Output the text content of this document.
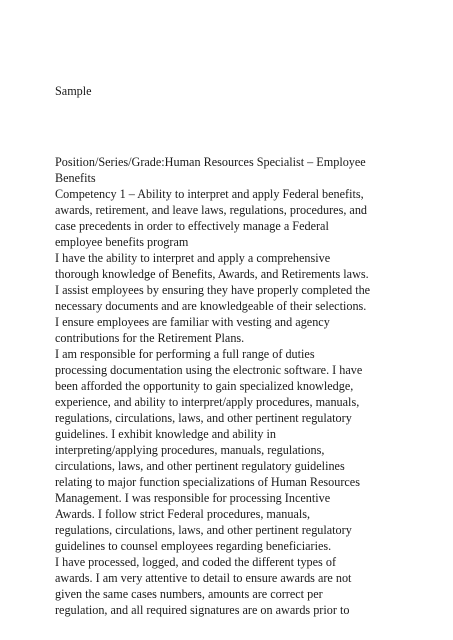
Sample
Position/Series/Grade:Human Resources Specialist – Employee
Benefits
Competency 1 – Ability to interpret and apply Federal benefits,
awards, retirement, and leave laws, regulations, procedures, and
case precedents in order to effectively manage a Federal
employee benefits program
I have the ability to interpret and apply a comprehensive
thorough knowledge of Benefits, Awards, and Retirements laws.
I assist employees by ensuring they have properly completed the
necessary documents and are knowledgeable of their selections.
I ensure employees are familiar with vesting and agency
contributions for the Retirement Plans.
I am responsible for performing a full range of duties
processing documentation using the electronic software. I have
been afforded the opportunity to gain specialized knowledge,
experience, and ability to interpret/apply procedures, manuals,
regulations, circulations, laws, and other pertinent regulatory
guidelines. I exhibit knowledge and ability in
interpreting/applying procedures, manuals, regulations,
circulations, laws, and other pertinent regulatory guidelines
relating to major function specializations of Human Resources
Management. I was responsible for processing Incentive
Awards. I follow strict Federal procedures, manuals,
regulations, circulations, laws, and other pertinent regulatory
guidelines to counsel employees regarding beneficiaries.
I have processed, logged, and coded the different types of
awards. I am very attentive to detail to ensure awards are not
given the same cases numbers, amounts are correct per
regulation, and all required signatures are on awards prior to
